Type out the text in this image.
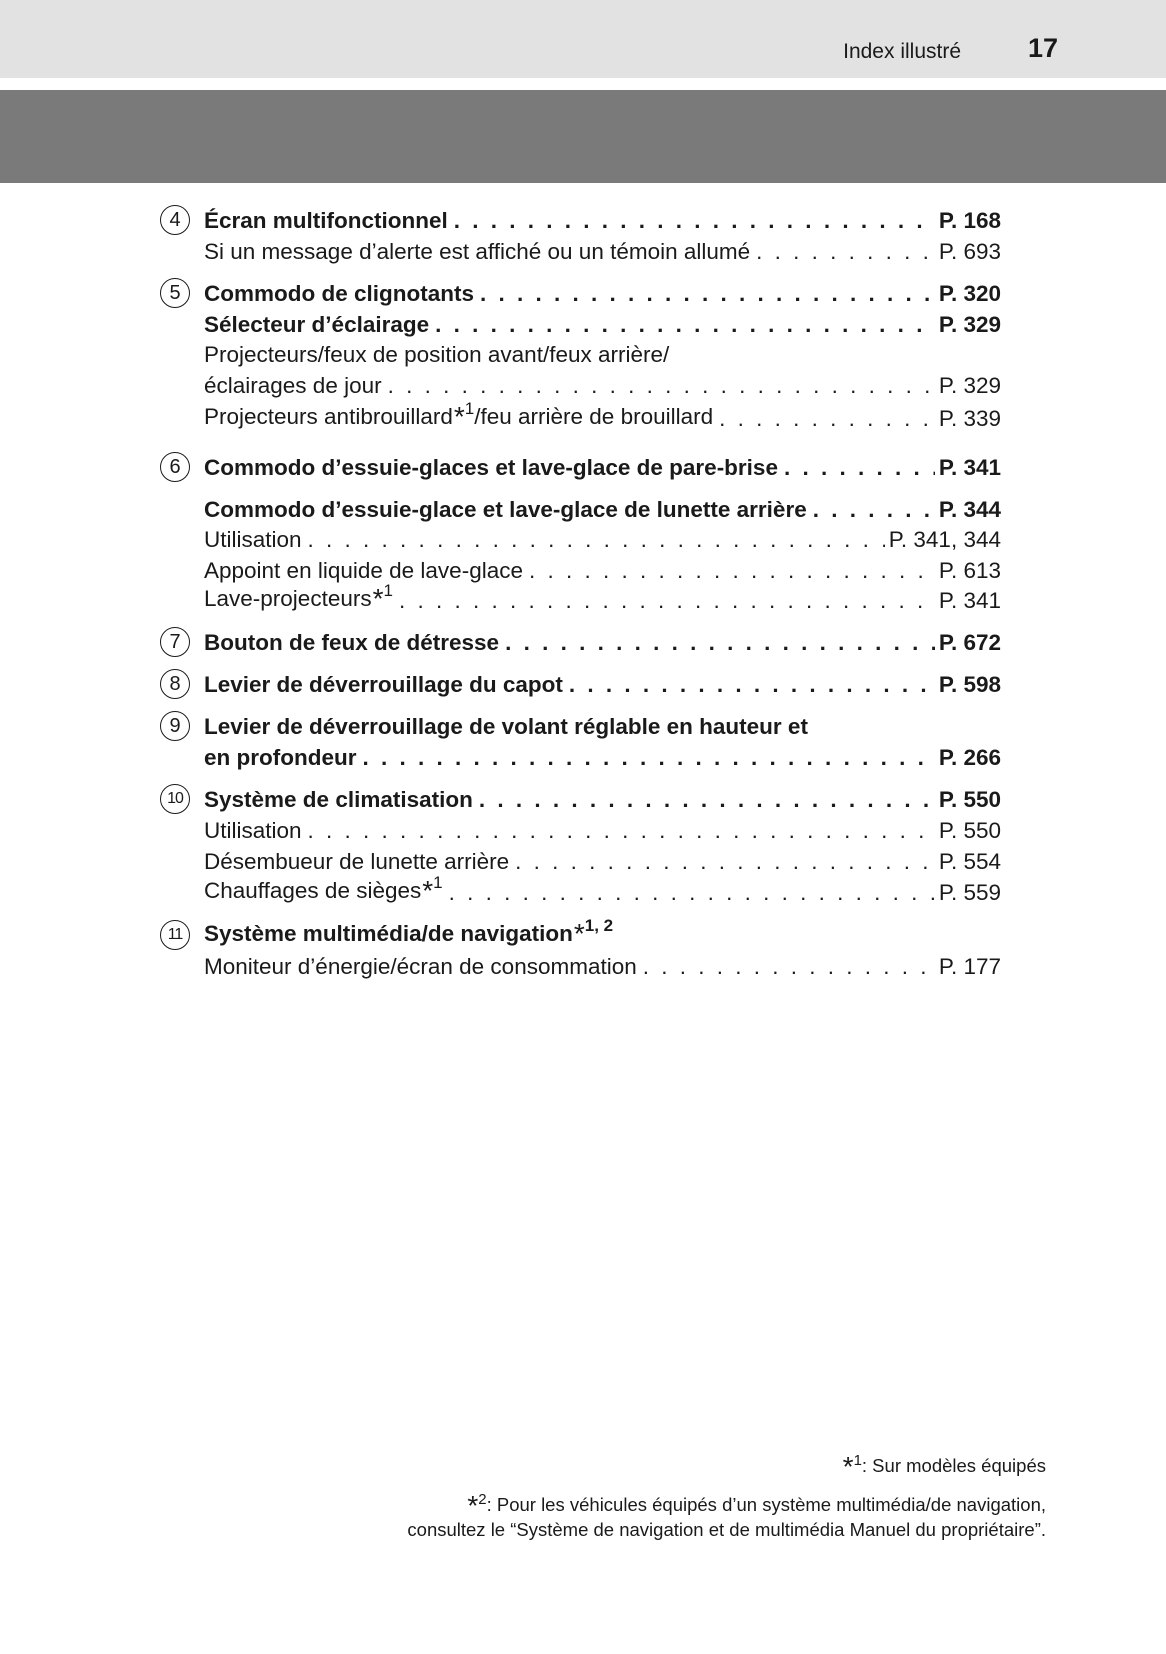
Index illustré 17
4	Écran multifonctionnel . . .	P. 168
Si un message d’alerte est affiché ou un témoin allumé . . .	P. 693
5	Commodo de clignotants . . .	P. 320
Sélecteur d’éclairage . . .	P. 329
Projecteurs/feux de position avant/feux arrière/
éclairages de jour . . .	P. 329
Projecteurs antibrouillard*1/feu arrière de brouillard . . .	P. 339
6	Commodo d’essuie-glaces et lave-glace de pare-brise . . .	P. 341
Commodo d’essuie-glace et lave-glace de lunette arrière . . .	P. 344
Utilisation . . .	P. 341, 344
Appoint en liquide de lave-glace . . .	P. 613
Lave-projecteurs*1 . . .	P. 341
7	Bouton de feux de détresse . . .	P. 672
8	Levier de déverrouillage du capot . . .	P. 598
9	Levier de déverrouillage de volant réglable en hauteur et
en profondeur . . .	P. 266
10 Système de climatisation . . .	P. 550
Utilisation . . .	P. 550
Désembueur de lunette arrière . . .	P. 554
Chauffages de sièges*1 . . .	P. 559
11 Système multimédia/de navigation*1, 2
Moniteur d’énergie/écran de consommation . . .	P. 177
*$^1$: Sur modèles équipés
*$^2$: Pour les véhicules équipés d’un système multimédia/de navigation,
consultez le “Système de navigation et de multimédia Manuel du propriétaire”.
